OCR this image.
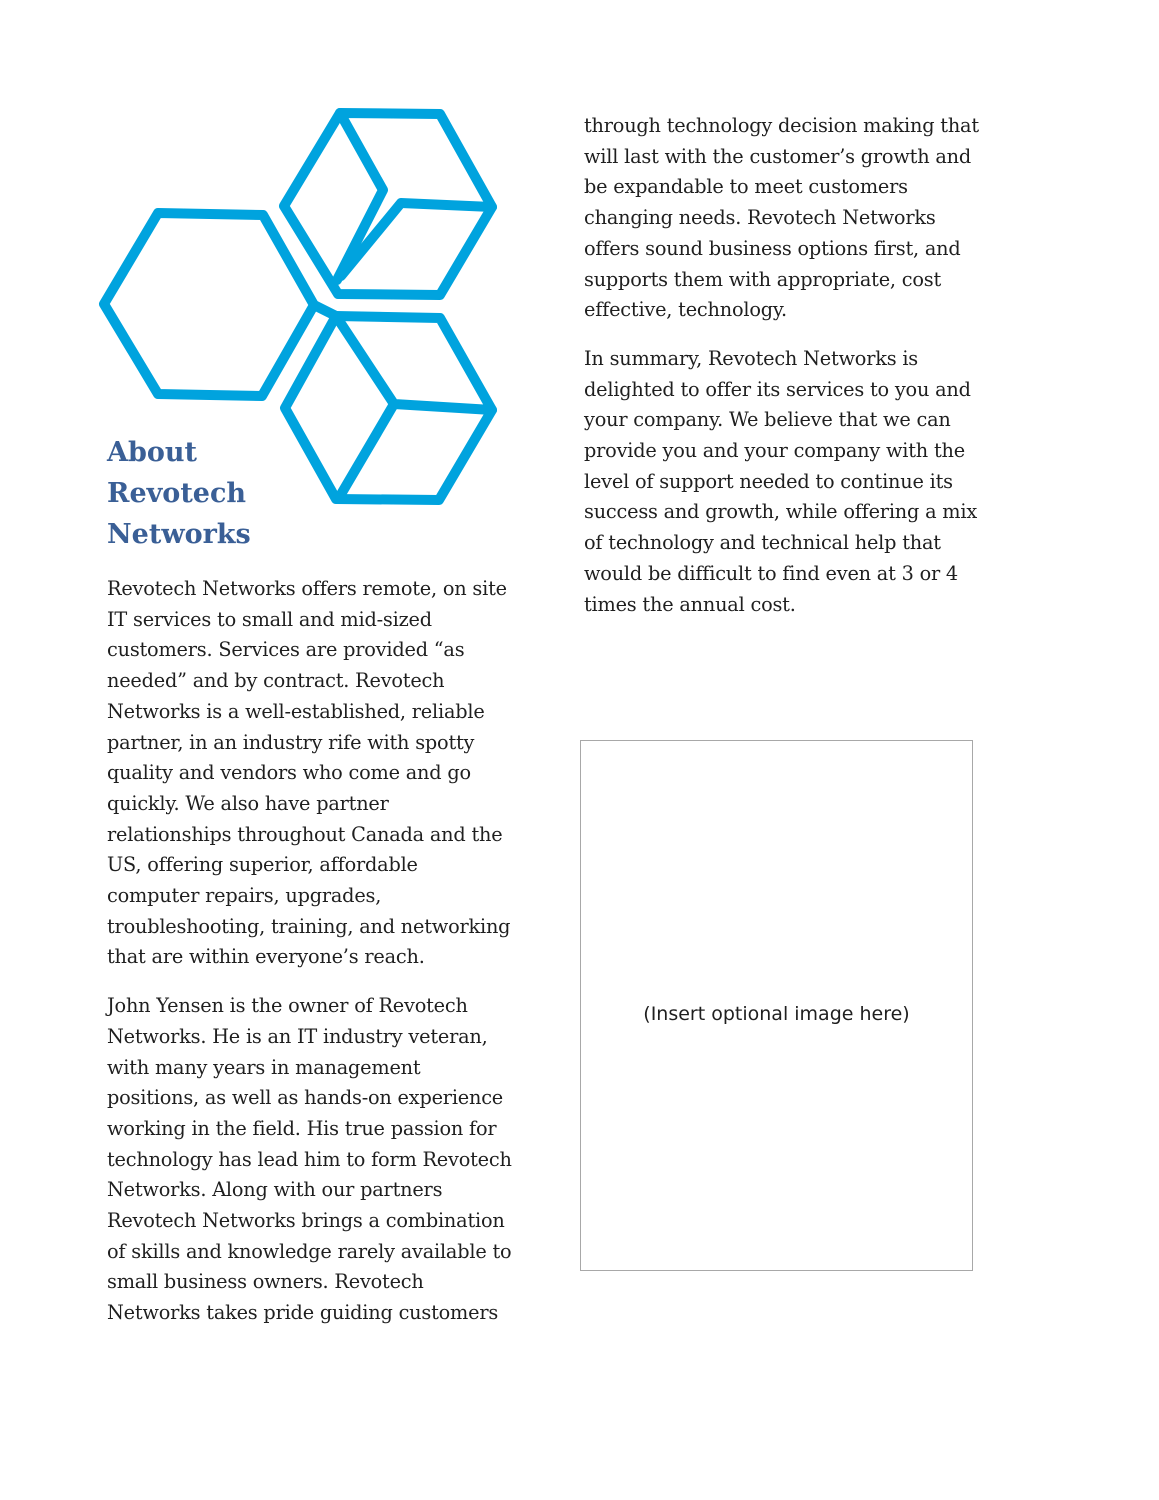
About
Revotech
Networks

Revotech Networks offers remote, on site
IT services to small and mid-sized
customers. Services are provided “as
needed” and by contract. Revotech
Networks is a well-established, reliable
partner, in an industry rife with spotty
quality and vendors who come and go
quickly. We also have partner
relationships throughout Canada and the
US, offering superior, affordable
computer repairs, upgrades,
troubleshooting, training, and networking
that are within everyone’s reach.

John Yensen is the owner of Revotech
Networks. He is an IT industry veteran,
with many years in management
positions, as well as hands-on experience
working in the field. His true passion for
technology has lead him to form Revotech
Networks. Along with our partners
Revotech Networks brings a combination
of skills and knowledge rarely available to
small business owners. Revotech
Networks takes pride guiding customers

through technology decision making that
will last with the customer’s growth and
be expandable to meet customers
changing needs. Revotech Networks
offers sound business options first, and
supports them with appropriate, cost
effective, technology.

In summary, Revotech Networks is
delighted to offer its services to you and
your company. We believe that we can
provide you and your company with the
level of support needed to continue its
success and growth, while offering a mix
of technology and technical help that
would be difficult to find even at 3 or 4
times the annual cost.

(Insert optional image here)
